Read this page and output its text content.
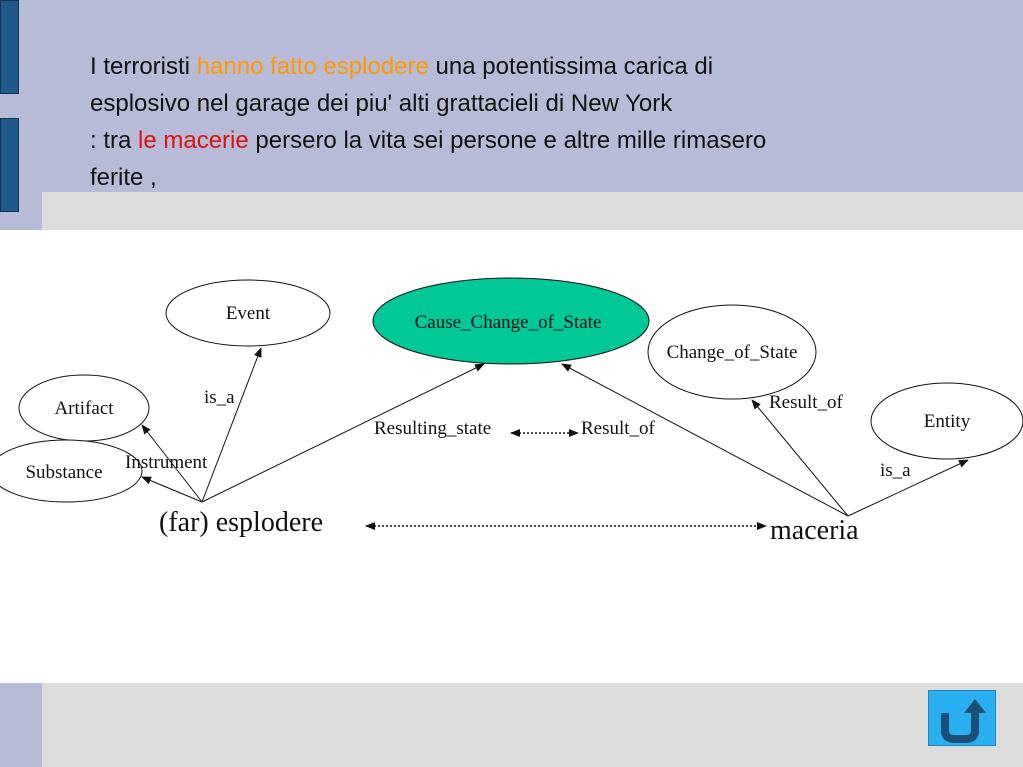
I terroristi hanno fatto esplodere una potentissima carica di
esplosivo nel garage dei piu' alti grattacieli di New York
: tra le macerie persero la vita sei persone e altre mille rimasero
ferite ,
Event	Cause_Change_of_State
Change_of_State
Artifact
Substance
Entity
is_a
Instrument
Resulting_state	Result_of
Result_of
is_a
(far) esplodere	maceria
